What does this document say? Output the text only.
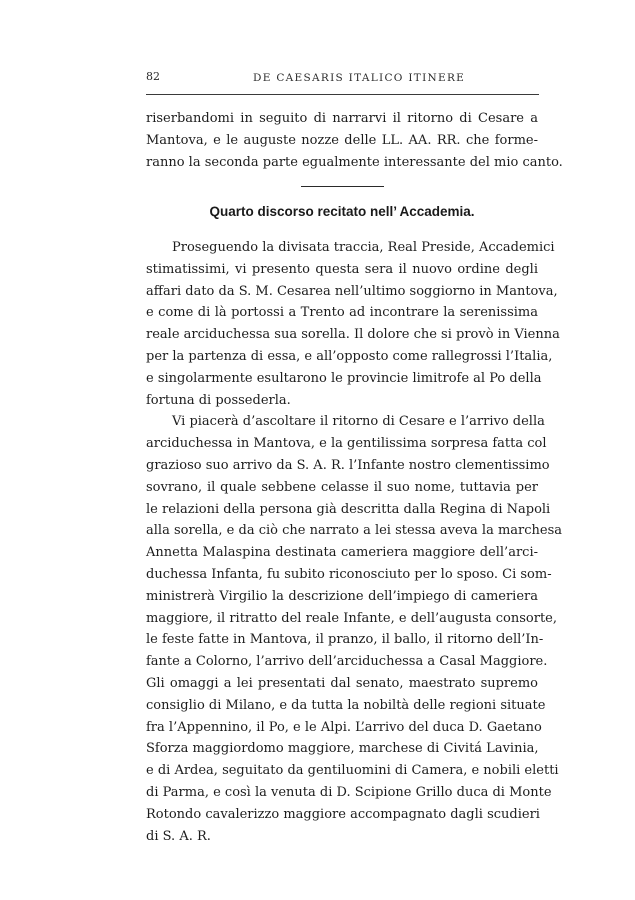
82	DE CAESARIS ITALICO ITINERE
riserbandomi in seguito di narrarvi il ritorno di Cesare a
Mantova, e le auguste nozze delle LL. AA. RR. che forme-
ranno la seconda parte egualmente interessante del mio canto.
Quarto discorso recitato nell’ Accademia.
Proseguendo la divisata traccia, Real Preside, Accademici
stimatissimi, vi presento questa sera il nuovo ordine degli
affari dato da S. M. Cesarea nell’ultimo soggiorno in Mantova,
e come di là portossi a Trento ad incontrare la serenissima
reale arciduchessa sua sorella. Il dolore che si provò in Vienna
per la partenza di essa, e all’opposto come rallegrossi l’Italia,
e singolarmente esultarono le provincie limitrofe al Po della
fortuna di possederla.
Vi piacerà d’ascoltare il ritorno di Cesare e l’arrivo della
arciduchessa in Mantova, e la gentilissima sorpresa fatta col
grazioso suo arrivo da S. A. R. l’Infante nostro clementissimo
sovrano, il quale sebbene celasse il suo nome, tuttavia per
le relazioni della persona già descritta dalla Regina di Napoli
alla sorella, e da ciò che narrato a lei stessa aveva la marchesa
Annetta Malaspina destinata cameriera maggiore dell’arci-
duchessa Infanta, fu subito riconosciuto per lo sposo. Ci som-
ministrerà Virgilio la descrizione dell’impiego di cameriera
maggiore, il ritratto del reale Infante, e dell’augusta consorte,
le feste fatte in Mantova, il pranzo, il ballo, il ritorno dell’In-
fante a Colorno, l’arrivo dell’arciduchessa a Casal Maggiore.
Gli omaggi a lei presentati dal senato, maestrato supremo
consiglio di Milano, e da tutta la nobiltà delle regioni situate
fra l’Appennino, il Po, e le Alpi. L’arrivo del duca D. Gaetano
Sforza maggiordomo maggiore, marchese di Civitá Lavinia,
e di Ardea, seguitato da gentiluomini di Camera, e nobili eletti
di Parma, e così la venuta di D. Scipione Grillo duca di Monte
Rotondo cavalerizzo maggiore accompagnato dagli scudieri
di S. A. R.
